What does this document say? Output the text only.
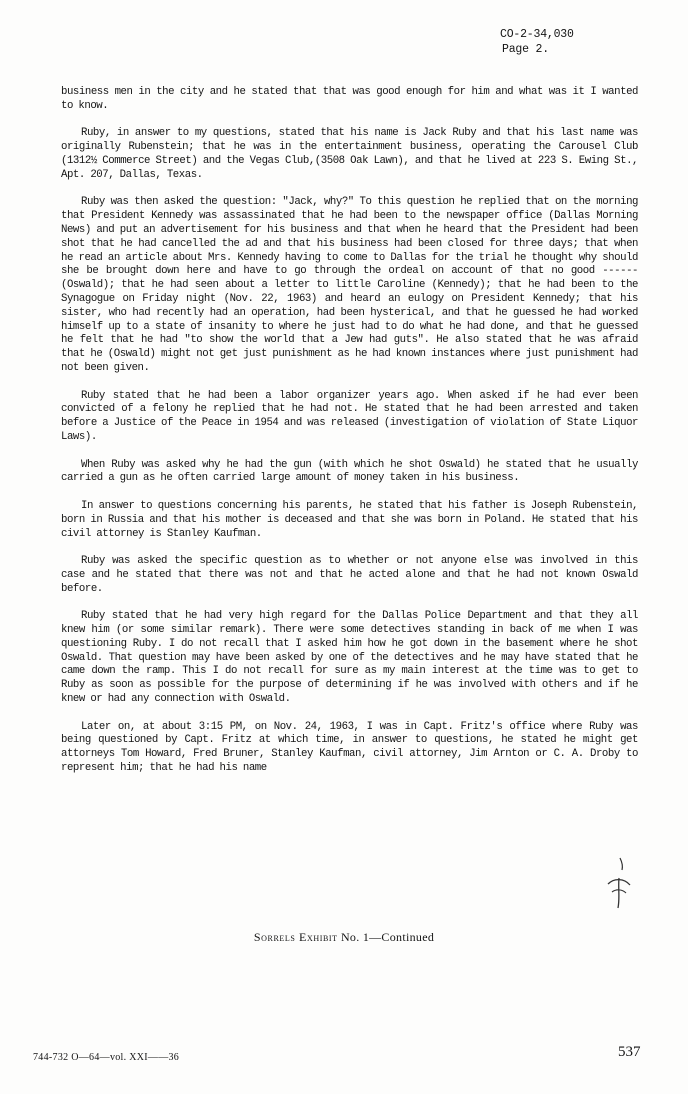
CO-2-34,030
Page 2.

business men in the city and he stated that that was good enough for him and what was it I wanted to know.

Ruby, in answer to my questions, stated that his name is Jack Ruby and that his last name was originally Rubenstein; that he was in the entertainment business, operating the Carousel Club (1312½ Commerce Street) and the Vegas Club,(3508 Oak Lawn), and that he lived at 223 S. Ewing St., Apt. 207, Dallas, Texas.

Ruby was then asked the question: "Jack, why?" To this question he replied that on the morning that President Kennedy was assassinated that he had been to the newspaper office (Dallas Morning News) and put an advertisement for his business and that when he heard that the President had been shot that he had cancelled the ad and that his business had been closed for three days; that when he read an article about Mrs. Kennedy having to come to Dallas for the trial he thought why should she be brought down here and have to go through the ordeal on account of that no good ------ (Oswald); that he had seen about a letter to little Caroline (Kennedy); that he had been to the Synagogue on Friday night (Nov. 22, 1963) and heard an eulogy on President Kennedy; that his sister, who had recently had an operation, had been hysterical, and that he guessed he had worked himself up to a state of insanity to where he just had to do what he had done, and that he guessed he felt that he had "to show the world that a Jew had guts". He also stated that he was afraid that he (Oswald) might not get just punishment as he had known instances where just punishment had not been given.

Ruby stated that he had been a labor organizer years ago. When asked if he had ever been convicted of a felony he replied that he had not. He stated that he had been arrested and taken before a Justice of the Peace in 1954 and was released (investigation of violation of State Liquor Laws).

When Ruby was asked why he had the gun (with which he shot Oswald) he stated that he usually carried a gun as he often carried large amount of money taken in his business.

In answer to questions concerning his parents, he stated that his father is Joseph Rubenstein, born in Russia and that his mother is deceased and that she was born in Poland. He stated that his civil attorney is Stanley Kaufman.

Ruby was asked the specific question as to whether or not anyone else was involved in this case and he stated that there was not and that he acted alone and that he had not known Oswald before.

Ruby stated that he had very high regard for the Dallas Police Department and that they all knew him (or some similar remark). There were some detectives standing in back of me when I was questioning Ruby. I do not recall that I asked him how he got down in the basement where he shot Oswald. That question may have been asked by one of the detectives and he may have stated that he came down the ramp. This I do not recall for sure as my main interest at the time was to get to Ruby as soon as possible for the purpose of determining if he was involved with others and if he knew or had any connection with Oswald.

Later on, at about 3:15 PM, on Nov. 24, 1963, I was in Capt. Fritz's office where Ruby was being questioned by Capt. Fritz at which time, in answer to questions, he stated he might get attorneys Tom Howard, Fred Bruner, Stanley Kaufman, civil attorney, Jim Arnton or C. A. Droby to represent him; that he had his name

Sorrels Exhibit No. 1—Continued
744-732 O—64—vol. XXI——36	537
